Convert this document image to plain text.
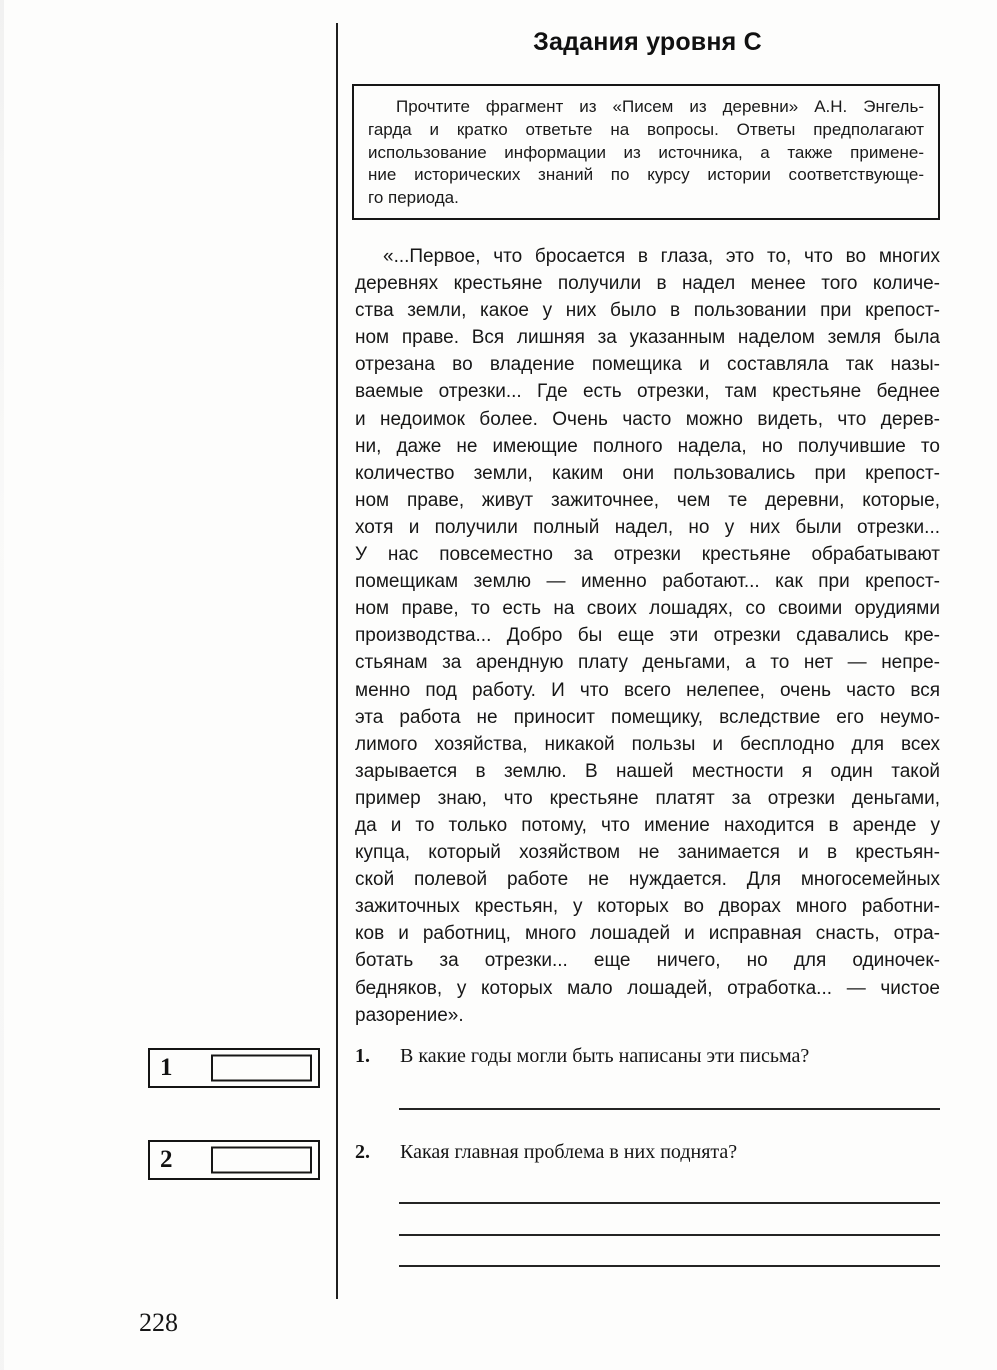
Задания уровня С
Прочтите фрагмент из «Писем из деревни» А.Н. Энгель-
гарда и кратко ответьте на вопросы. Ответы предполагают
использование информации из источника, а также примене-
ние исторических знаний по курсу истории соответствующе-
го периода.
«...Первое, что бросается в глаза, это то, что во многих
деревнях крестьяне получили в надел менее того количе-
ства земли, какое у них было в пользовании при крепост-
ном праве. Вся лишняя за указанным наделом земля была
отрезана во владение помещика и составляла так назы-
ваемые отрезки... Где есть отрезки, там крестьяне беднее
и недоимок более. Очень часто можно видеть, что дерев-
ни, даже не имеющие полного надела, но получившие то
количество земли, каким они пользовались при крепост-
ном праве, живут зажиточнее, чем те деревни, которые,
хотя и получили полный надел, но у них были отрезки...
У нас повсеместно за отрезки крестьяне обрабатывают
помещикам землю — именно работают... как при крепост-
ном праве, то есть на своих лошадях, со своими орудиями
производства... Добро бы еще эти отрезки сдавались кре-
стьянам за арендную плату деньгами, а то нет — непре-
менно под работу. И что всего нелепее, очень часто вся
эта работа не приносит помещику, вследствие его неумо-
лимого хозяйства, никакой пользы и бесплодно для всех
зарывается в землю. В нашей местности я один такой
пример знаю, что крестьяне платят за отрезки деньгами,
да и то только потому, что имение находится в аренде у
купца, который хозяйством не занимается и в крестьян-
ской полевой работе не нуждается. Для многосемейных
зажиточных крестьян, у которых во дворах много работни-
ков и работниц, много лошадей и исправная снасть, отра-
ботать за отрезки... еще ничего, но для одиночек-
бедняков, у которых мало лошадей, отработка... — чистое
разорение».
1.	В какие годы могли быть написаны эти письма?
2.	Какая главная проблема в них поднята?
1
2
228
